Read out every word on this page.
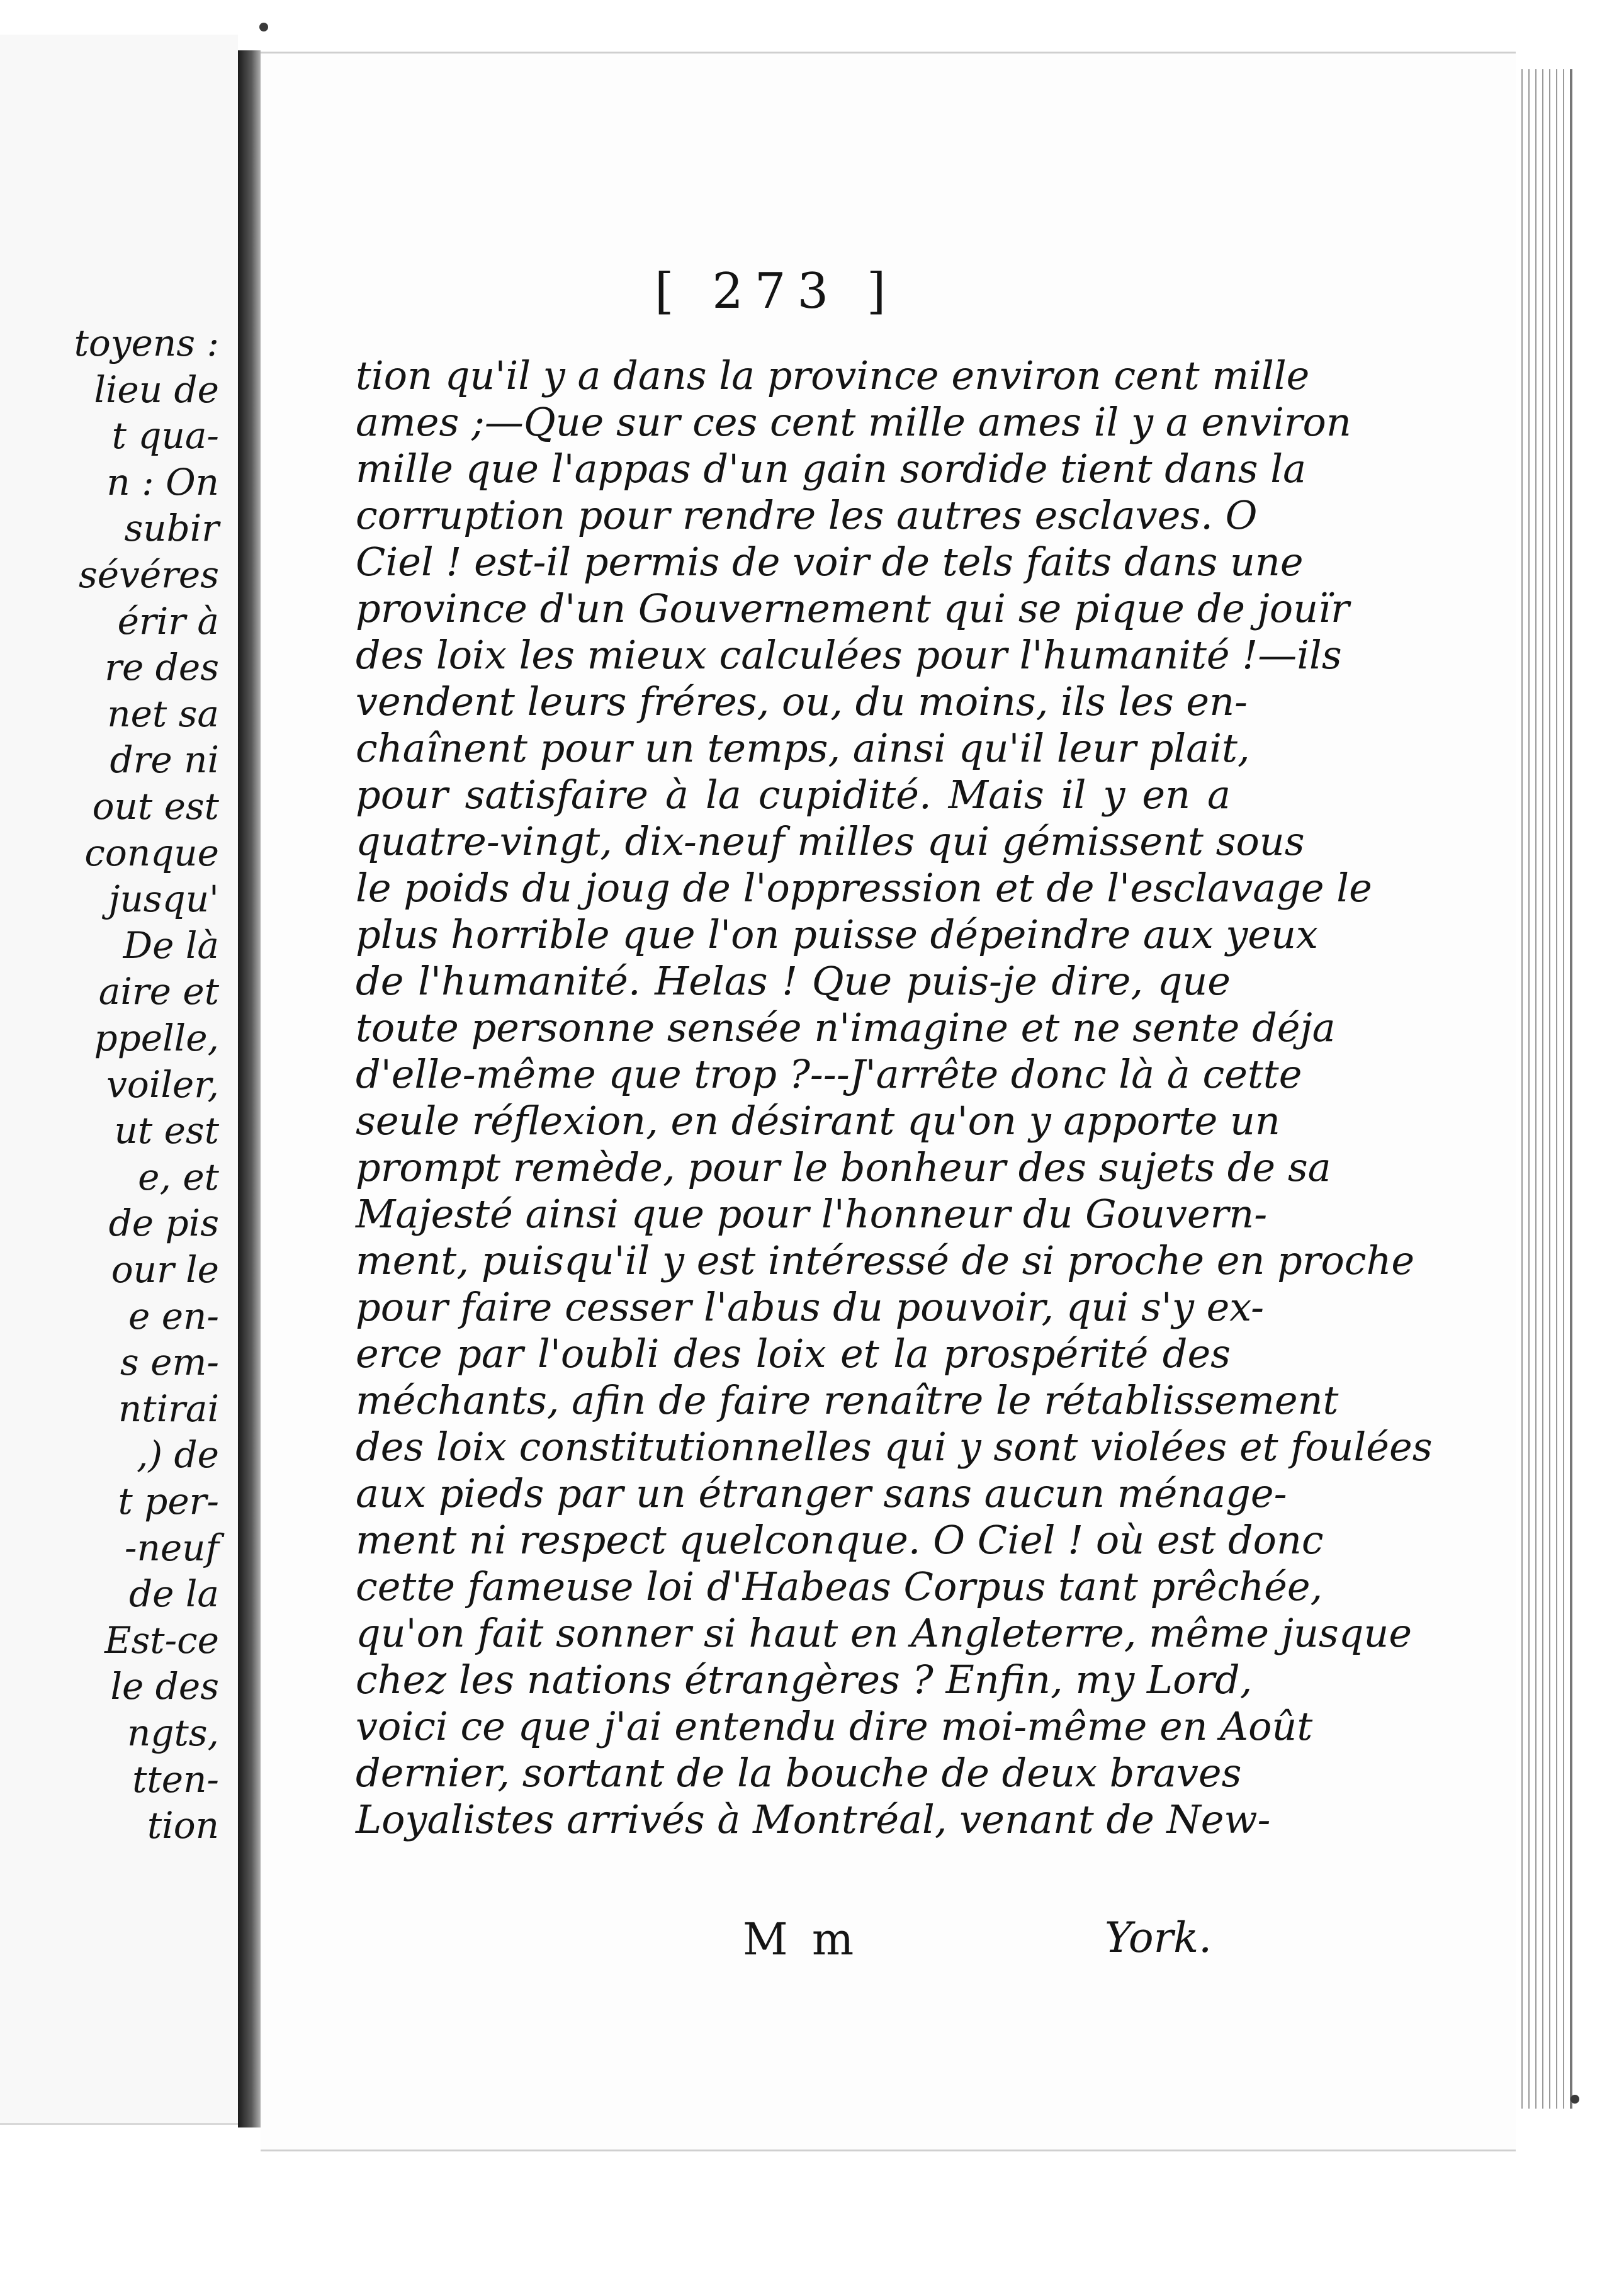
toyens :
lieu de
t qua-
n : On
subir
sévéres
érir à
re des
net sa
dre ni
out est
conque
jusqu'
De là
aire et
ppelle,
voiler,
ut est
e, et
de pis
our le
e en-
s em-
ntirai
,) de
t per-
-neuf
de la
Est-ce
le des
ngts,
tten-
tion
[ 273 ]
tion qu'il y a dans la province environ cent mille
ames ;—Que sur ces cent mille ames il y a environ
mille que l'appas d'un gain sordide tient dans la
corruption pour rendre les autres esclaves. O
Ciel ! est-il permis de voir de tels faits dans une
province d'un Gouvernement qui se pique de jouïr
des loix les mieux calculées pour l'humanité !—ils
vendent leurs fréres, ou, du moins, ils les en-
chaînent pour un temps, ainsi qu'il leur plait,
pour satisfaire à la cupidité. Mais il y en a
quatre-vingt, dix-neuf milles qui gémissent sous
le poids du joug de l'oppression et de l'esclavage le
plus horrible que l'on puisse dépeindre aux yeux
de l'humanité. Helas ! Que puis-je dire, que
toute personne sensée n'imagine et ne sente déja
d'elle-même que trop ?---J'arrête donc là à cette
seule réflexion, en désirant qu'on y apporte un
prompt remède, pour le bonheur des sujets de sa
Majesté ainsi que pour l'honneur du Gouvern-
ment, puisqu'il y est intéressé de si proche en proche
pour faire cesser l'abus du pouvoir, qui s'y ex-
erce par l'oubli des loix et la prospérité des
méchants, afin de faire renaître le rétablissement
des loix constitutionnelles qui y sont violées et foulées
aux pieds par un étranger sans aucun ménage-
ment ni respect quelconque. O Ciel ! où est donc
cette fameuse loi d'Habeas Corpus tant prêchée,
qu'on fait sonner si haut en Angleterre, même jusque
chez les nations étrangères ? Enfin, my Lord,
voici ce que j'ai entendu dire moi-même en Août
dernier, sortant de la bouche de deux braves
Loyalistes arrivés à Montréal, venant de New-
M m	York.
